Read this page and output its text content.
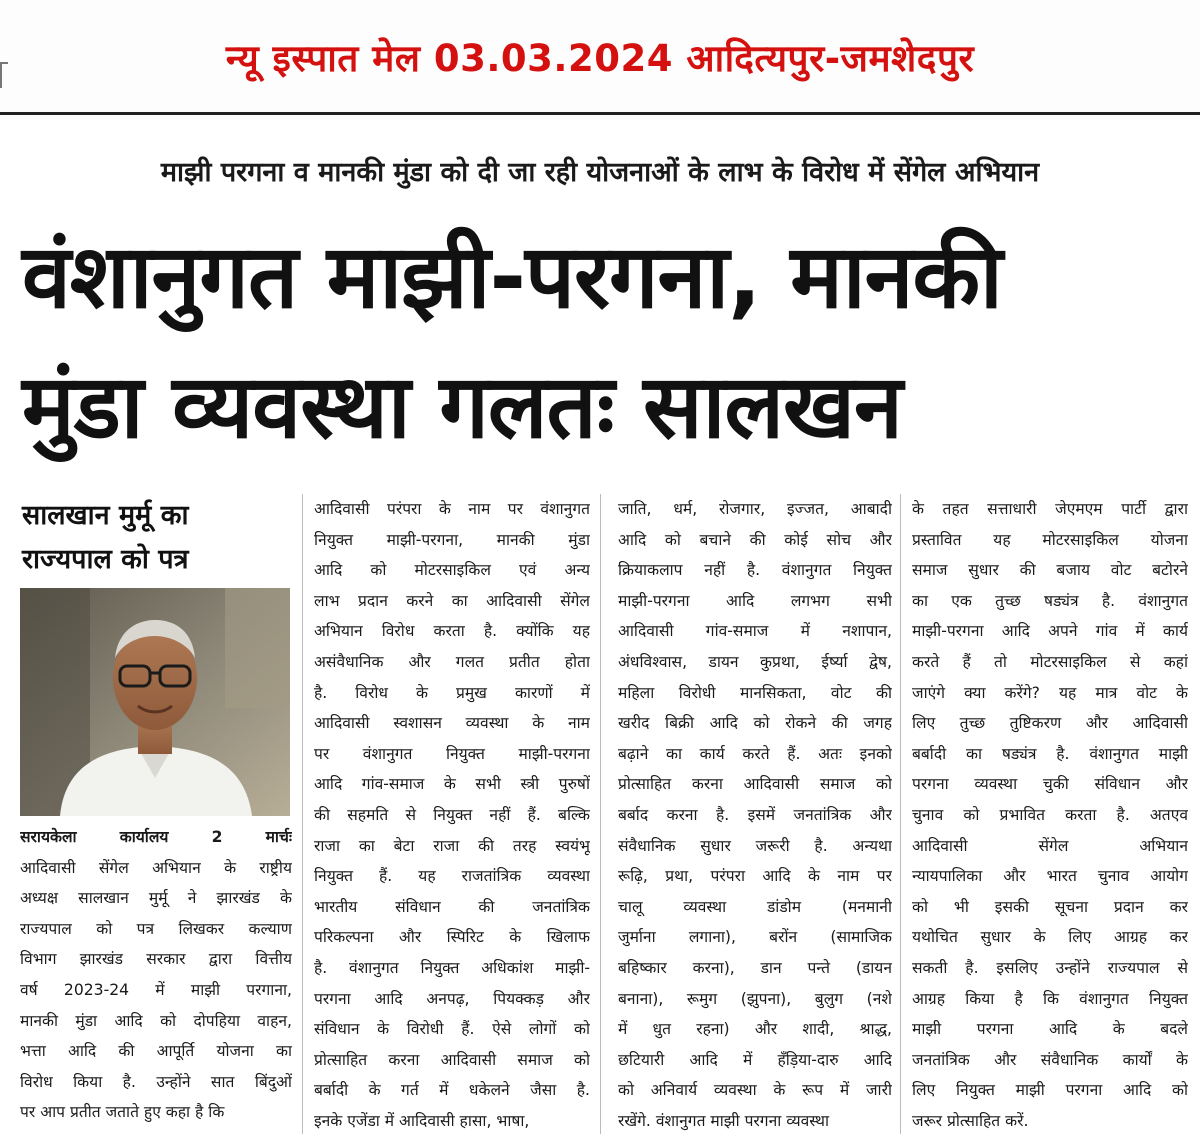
न्यू इस्पात मेल 03.03.2024 आदित्यपुर-जमशेदपुर
माझी परगना व मानकी मुंडा को दी जा रही योजनाओं के लाभ के विरोध में सेंगेल अभियान
वंशानुगत माझी-परगना, मानकी
मुंडा व्यवस्था गलतः सालखन
सालखान मुर्मू का
राज्यपाल को पत्र
सरायकेला कार्यालय 2 मार्चः
आदिवासी सेंगेल अभियान के राष्ट्रीय
अध्यक्ष सालखान मुर्मू ने झारखंड के
राज्यपाल को पत्र लिखकर कल्याण
विभाग झारखंड सरकार द्वारा वित्तीय
वर्ष 2023-24 में माझी परगाना,
मानकी मुंडा आदि को दोपहिया वाहन,
भत्ता आदि की आपूर्ति योजना का
विरोध किया है. उन्होंने सात बिंदुओं
पर आप प्रतीत जताते हुए कहा है कि
आदिवासी परंपरा के नाम पर वंशानुगत
नियुक्त माझी-परगना, मानकी मुंडा
आदि को मोटरसाइकिल एवं अन्य
लाभ प्रदान करने का आदिवासी सेंगेल
अभियान विरोध करता है. क्योंकि यह
असंवैधानिक और गलत प्रतीत होता
है. विरोध के प्रमुख कारणों में
आदिवासी स्वशासन व्यवस्था के नाम
पर वंशानुगत नियुक्त माझी-परगना
आदि गांव-समाज के सभी स्त्री पुरुषों
की सहमति से नियुक्त नहीं हैं. बल्कि
राजा का बेटा राजा की तरह स्वयंभू
नियुक्त हैं. यह राजतांत्रिक व्यवस्था
भारतीय संविधान की जनतांत्रिक
परिकल्पना और स्पिरिट के खिलाफ
है. वंशानुगत नियुक्त अधिकांश माझी-
परगना आदि अनपढ़, पियक्कड़ और
संविधान के विरोधी हैं. ऐसे लोगों को
प्रोत्साहित करना आदिवासी समाज को
बर्बादी के गर्त में धकेलने जैसा है.
इनके एजेंडा में आदिवासी हासा, भाषा,
जाति, धर्म, रोजगार, इज्जत, आबादी
आदि को बचाने की कोई सोच और
क्रियाकलाप नहीं है. वंशानुगत नियुक्त
माझी-परगना आदि लगभग सभी
आदिवासी गांव-समाज में नशापान,
अंधविश्वास, डायन कुप्रथा, ईर्ष्या द्वेष,
महिला विरोधी मानसिकता, वोट की
खरीद बिक्री आदि को रोकने की जगह
बढ़ाने का कार्य करते हैं. अतः इनको
प्रोत्साहित करना आदिवासी समाज को
बर्बाद करना है. इसमें जनतांत्रिक और
संवैधानिक सुधार जरूरी है. अन्यथा
रूढ़ि, प्रथा, परंपरा आदि के नाम पर
चालू व्यवस्था डांडोम (मनमानी
जुर्माना लगाना), बरोंन (सामाजिक
बहिष्कार करना), डान पन्ते (डायन
बनाना), रूमुग (झुपना), बुलुग (नशे
में धुत रहना) और शादी, श्राद्ध,
छटियारी आदि में हँड़िया-दारु आदि
को अनिवार्य व्यवस्था के रूप में जारी
रखेंगे. वंशानुगत माझी परगना व्यवस्था
के तहत सत्ताधारी जेएमएम पार्टी द्वारा
प्रस्तावित यह मोटरसाइकिल योजना
समाज सुधार की बजाय वोट बटोरने
का एक तुच्छ षड्यंत्र है. वंशानुगत
माझी-परगना आदि अपने गांव में कार्य
करते हैं तो मोटरसाइकिल से कहां
जाएंगे क्या करेंगे? यह मात्र वोट के
लिए तुच्छ तुष्टिकरण और आदिवासी
बर्बादी का षड्यंत्र है. वंशानुगत माझी
परगना व्यवस्था चुकी संविधान और
चुनाव को प्रभावित करता है. अतएव
आदिवासी सेंगेल अभियान
न्यायपालिका और भारत चुनाव आयोग
को भी इसकी सूचना प्रदान कर
यथोचित सुधार के लिए आग्रह कर
सकती है. इसलिए उन्होंने राज्यपाल से
आग्रह किया है कि वंशानुगत नियुक्त
माझी परगना आदि के बदले
जनतांत्रिक और संवैधानिक कार्यों के
लिए नियुक्त माझी परगना आदि को
जरूर प्रोत्साहित करें.
